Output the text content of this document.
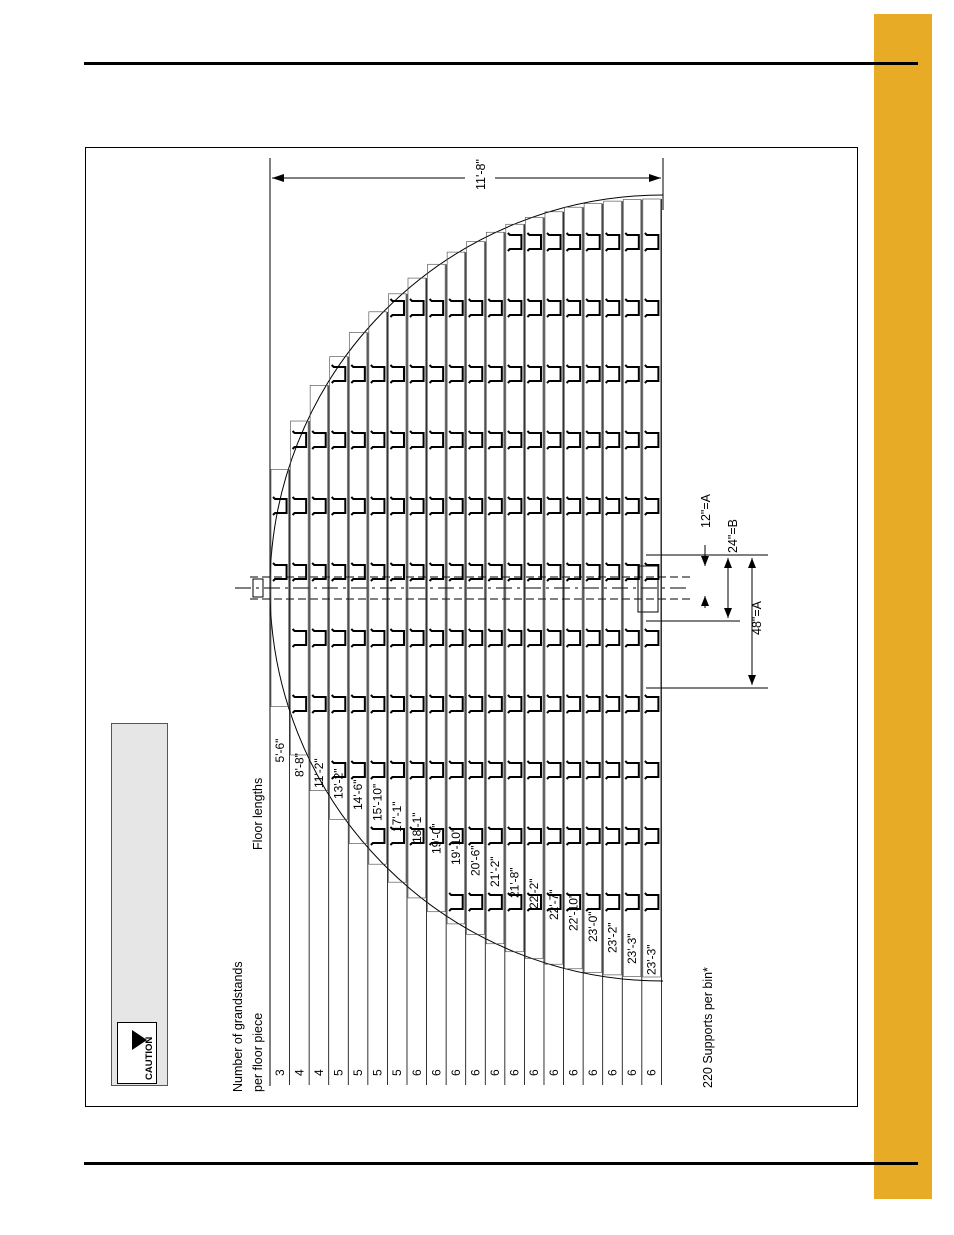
CAUTION	Number of grandstands per floor piece
Floor lengths
3
5'-6"
4
8'-8"
4
11'-2"
5
13'-2"
5
14'-6"
5
15'-10"
5
17'-1"
6
18'-1"
6
19'-0"
6
19'-10"
6
20'-6"
6
21'-2"
6
21'-8"
6
22'-2"
6
22'-7"
6
22'-10"
6
23'-0"
6
23'-2"
6
23'-3"
6
23'-3"
11'-8"
12"=A
24"=B
48"=A
220 Supports per bin*
